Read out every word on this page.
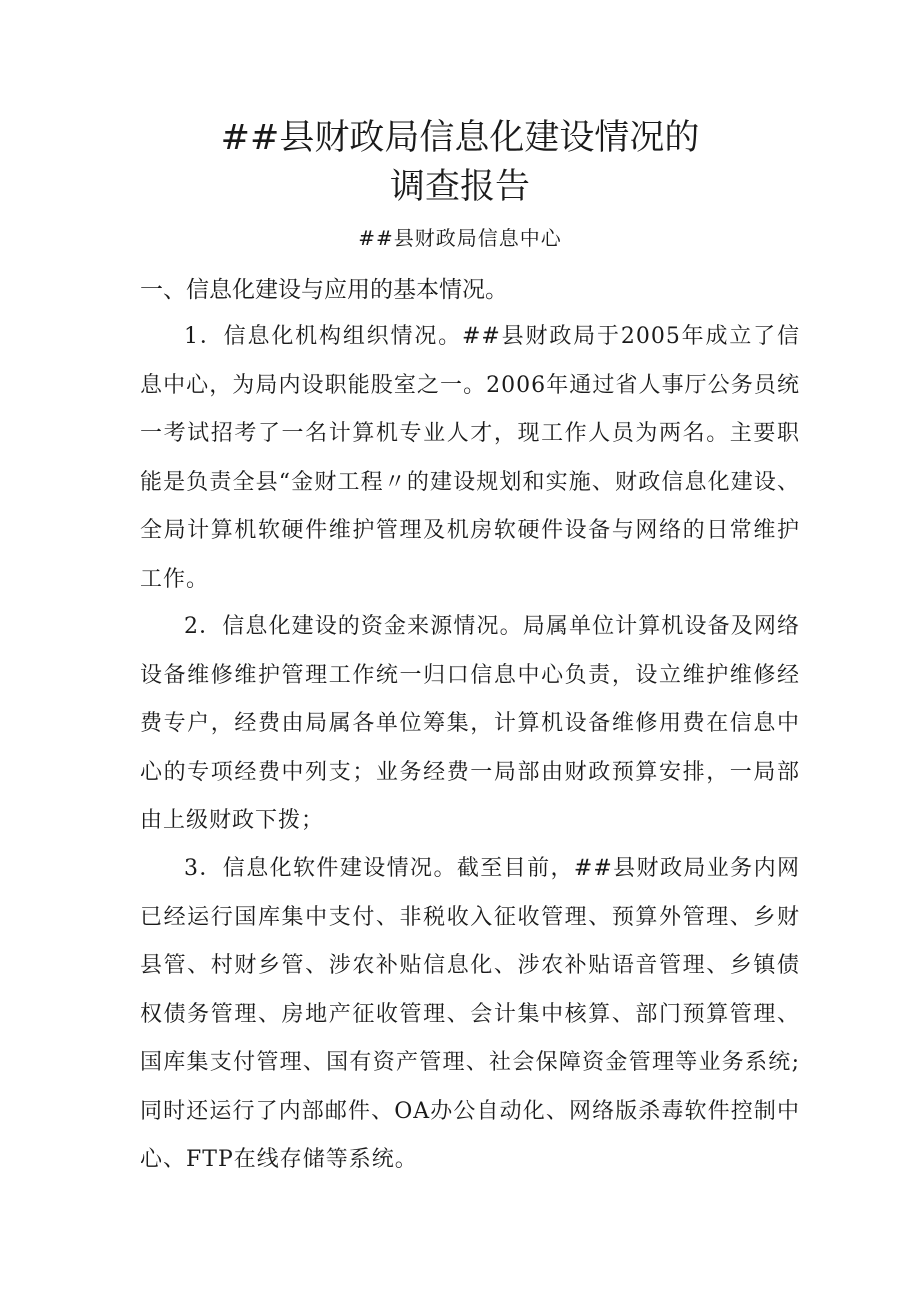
##县财政局信息化建设情况的
调查报告
##县财政局信息中心
一、信息化建设与应用的基本情况。

1．信息化机构组织情况。##县财政局于2005年成立了信息中心，为局内设职能股室之一。2006年通过省人事厅公务员统一考试招考了一名计算机专业人才，现工作人员为两名。主要职能是负责全县“金财工程〃的建设规划和实施、财政信息化建设、全局计算机软硬件维护管理及机房软硬件设备与网络的日常维护工作。

2．信息化建设的资金来源情况。局属单位计算机设备及网络设备维修维护管理工作统一归口信息中心负责，设立维护维修经费专户，经费由局属各单位筹集，计算机设备维修用费在信息中心的专项经费中列支；业务经费一局部由财政预算安排，一局部由上级财政下拨；

3．信息化软件建设情况。截至目前，##县财政局业务内网已经运行国库集中支付、非税收入征收管理、预算外管理、乡财县管、村财乡管、涉农补贴信息化、涉农补贴语音管理、乡镇债权债务管理、房地产征收管理、会计集中核算、部门预算管理、国库集支付管理、国有资产管理、社会保障资金管理等业务系统;同时还运行了内部邮件、OA办公自动化、网络版杀毒软件控制中心、FTP在线存储等系统。
